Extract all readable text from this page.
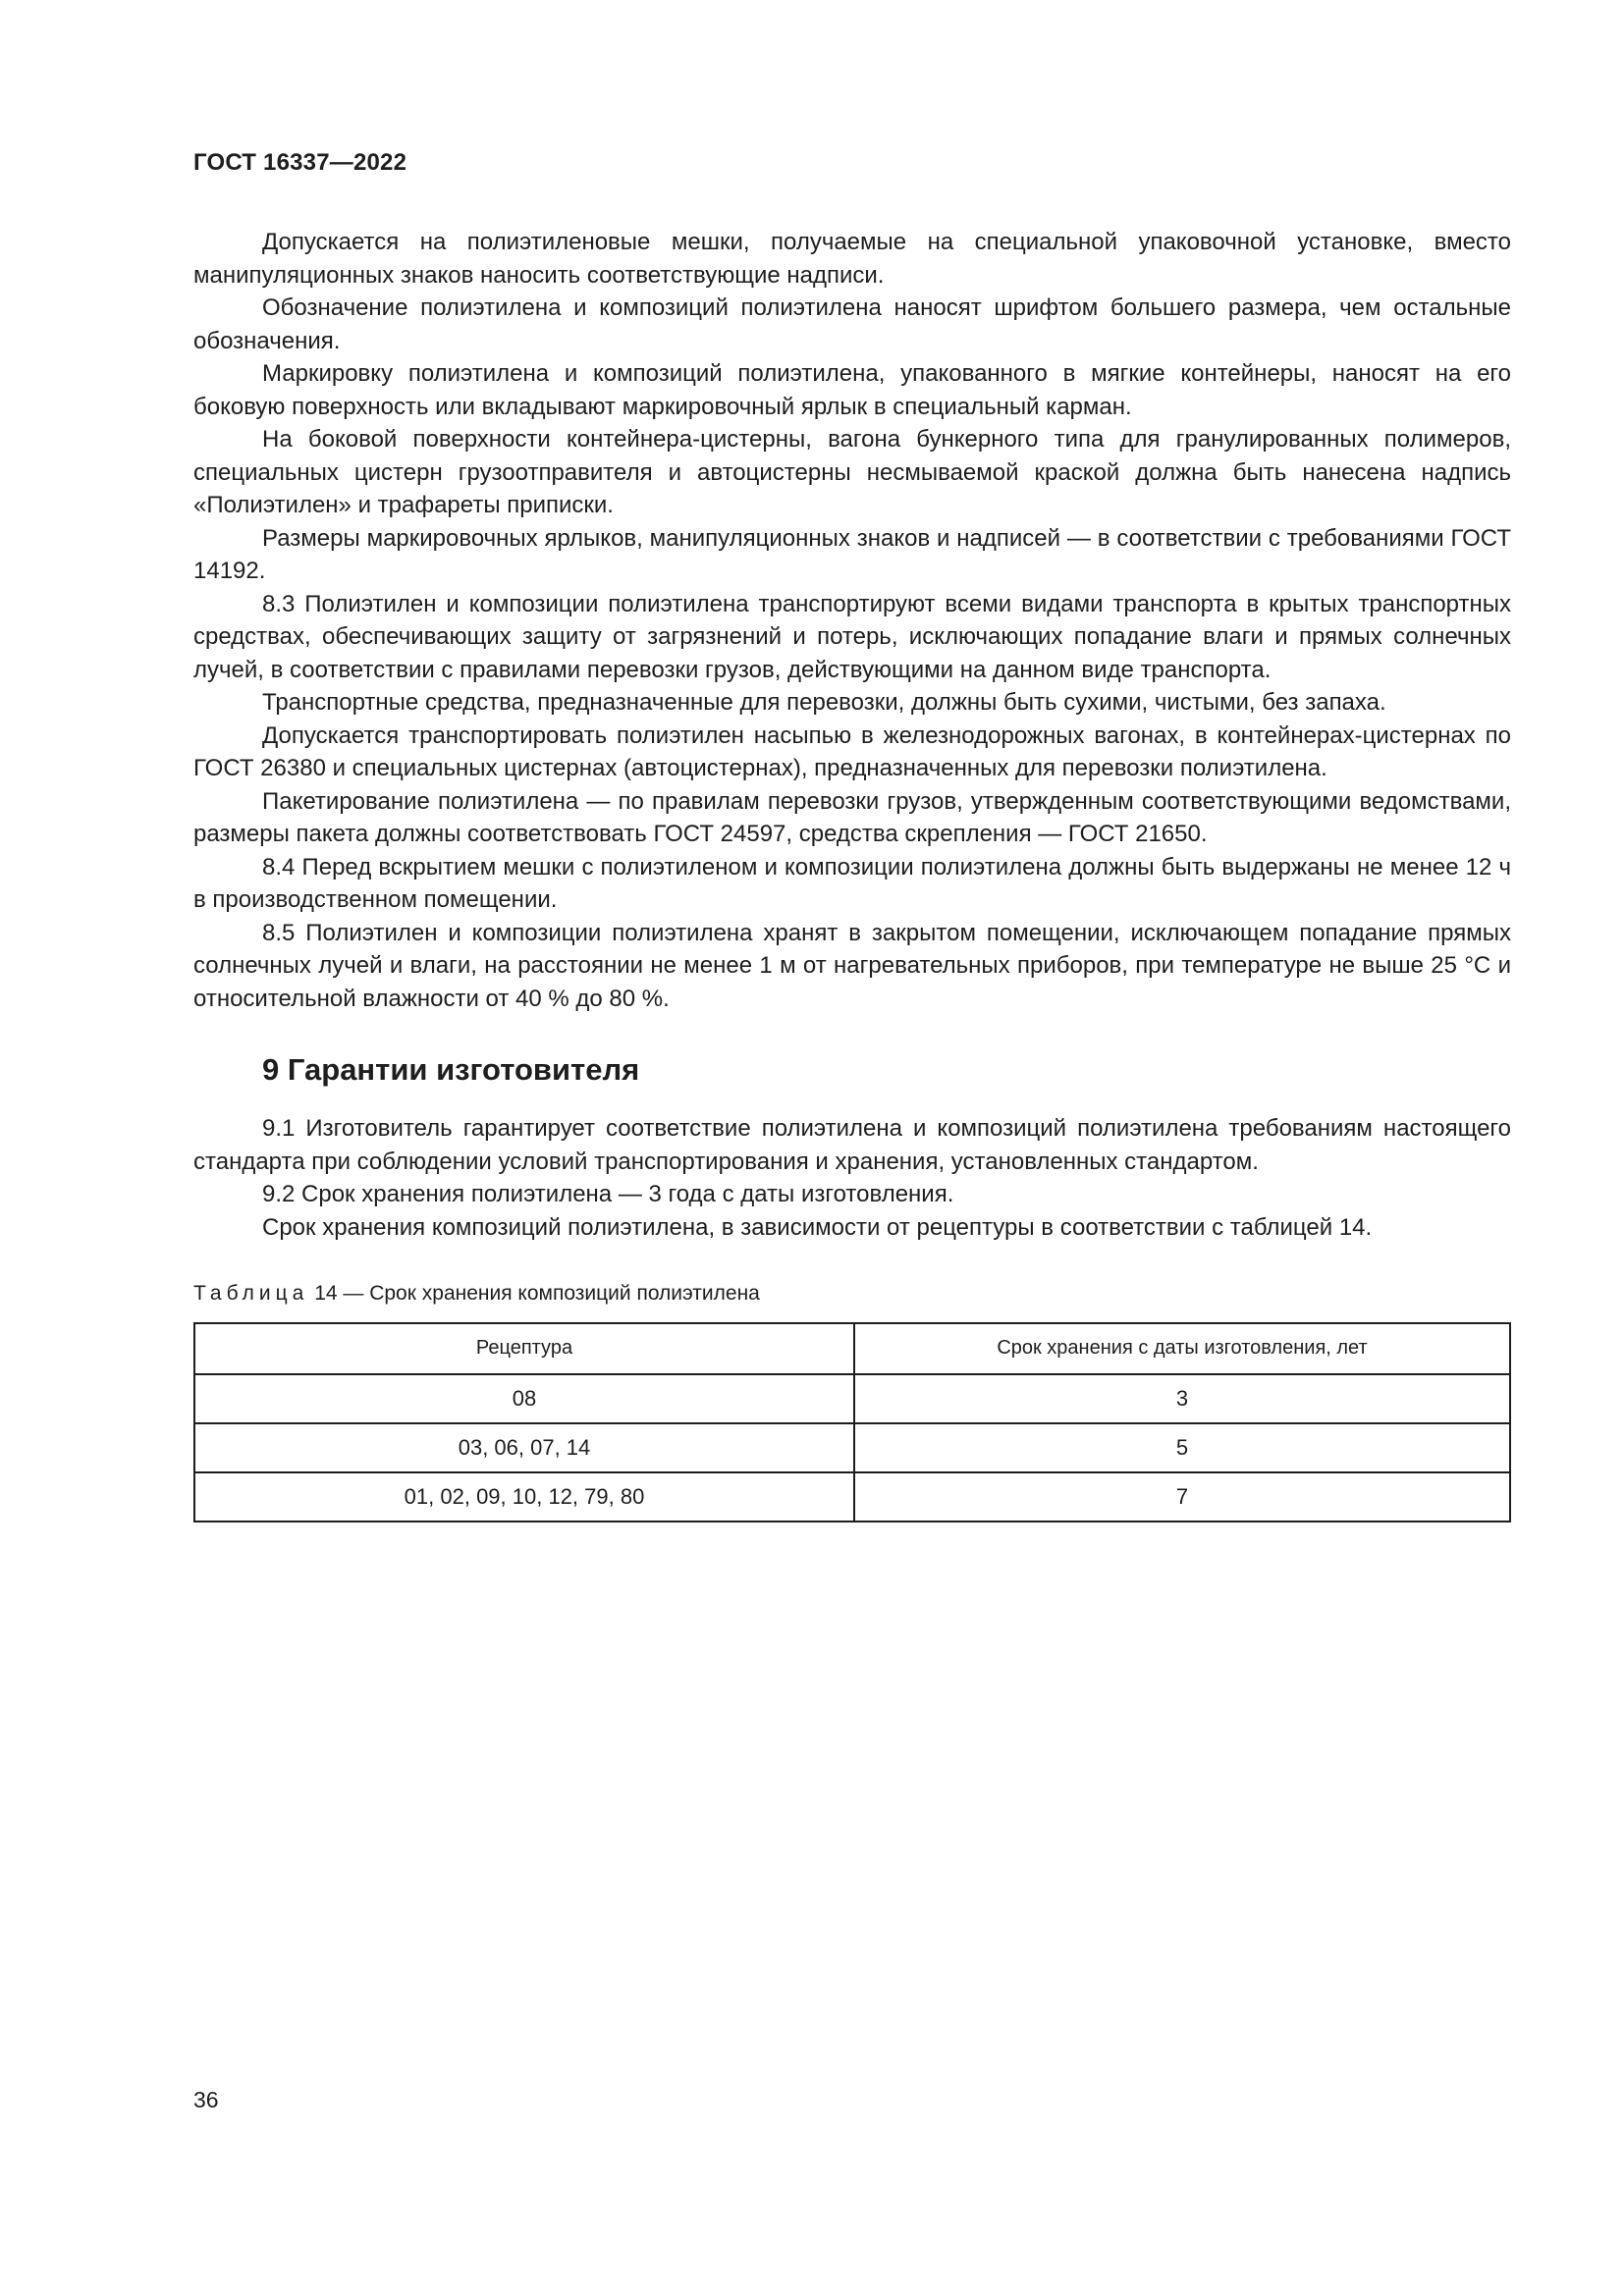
ГОСТ 16337—2022

Допускается на полиэтиленовые мешки, получаемые на специальной упаковочной установке, вместо манипуляционных знаков наносить соответствующие надписи.

Обозначение полиэтилена и композиций полиэтилена наносят шрифтом большего размера, чем остальные обозначения.

Маркировку полиэтилена и композиций полиэтилена, упакованного в мягкие контейнеры, наносят на его боковую поверхность или вкладывают маркировочный ярлык в специальный карман.

На боковой поверхности контейнера-цистерны, вагона бункерного типа для гранулированных полимеров, специальных цистерн грузоотправителя и автоцистерны несмываемой краской должна быть нанесена надпись «Полиэтилен» и трафареты приписки.

Размеры маркировочных ярлыков, манипуляционных знаков и надписей — в соответствии с требованиями ГОСТ 14192.

8.3 Полиэтилен и композиции полиэтилена транспортируют всеми видами транспорта в крытых транспортных средствах, обеспечивающих защиту от загрязнений и потерь, исключающих попадание влаги и прямых солнечных лучей, в соответствии с правилами перевозки грузов, действующими на данном виде транспорта.

Транспортные средства, предназначенные для перевозки, должны быть сухими, чистыми, без запаха.

Допускается транспортировать полиэтилен насыпью в железнодорожных вагонах, в контейнерах-цистернах по ГОСТ 26380 и специальных цистернах (автоцистернах), предназначенных для перевозки полиэтилена.

Пакетирование полиэтилена — по правилам перевозки грузов, утвержденным соответствующими ведомствами, размеры пакета должны соответствовать ГОСТ 24597, средства скрепления — ГОСТ 21650.

8.4 Перед вскрытием мешки с полиэтиленом и композиции полиэтилена должны быть выдержаны не менее 12 ч в производственном помещении.

8.5 Полиэтилен и композиции полиэтилена хранят в закрытом помещении, исключающем попадание прямых солнечных лучей и влаги, на расстоянии не менее 1 м от нагревательных приборов, при температуре не выше 25 °С и относительной влажности от 40 % до 80 %.

9 Гарантии изготовителя

9.1 Изготовитель гарантирует соответствие полиэтилена и композиций полиэтилена требованиям настоящего стандарта при соблюдении условий транспортирования и хранения, установленных стандартом.

9.2 Срок хранения полиэтилена — 3 года с даты изготовления.

Срок хранения композиций полиэтилена, в зависимости от рецептуры в соответствии с таблицей 14.

Таблица 14 — Срок хранения композиций полиэтилена
Рецептура	Срок хранения с даты изготовления, лет
08	3
03, 06, 07, 14	5
01, 02, 09, 10, 12, 79, 80	7
36
